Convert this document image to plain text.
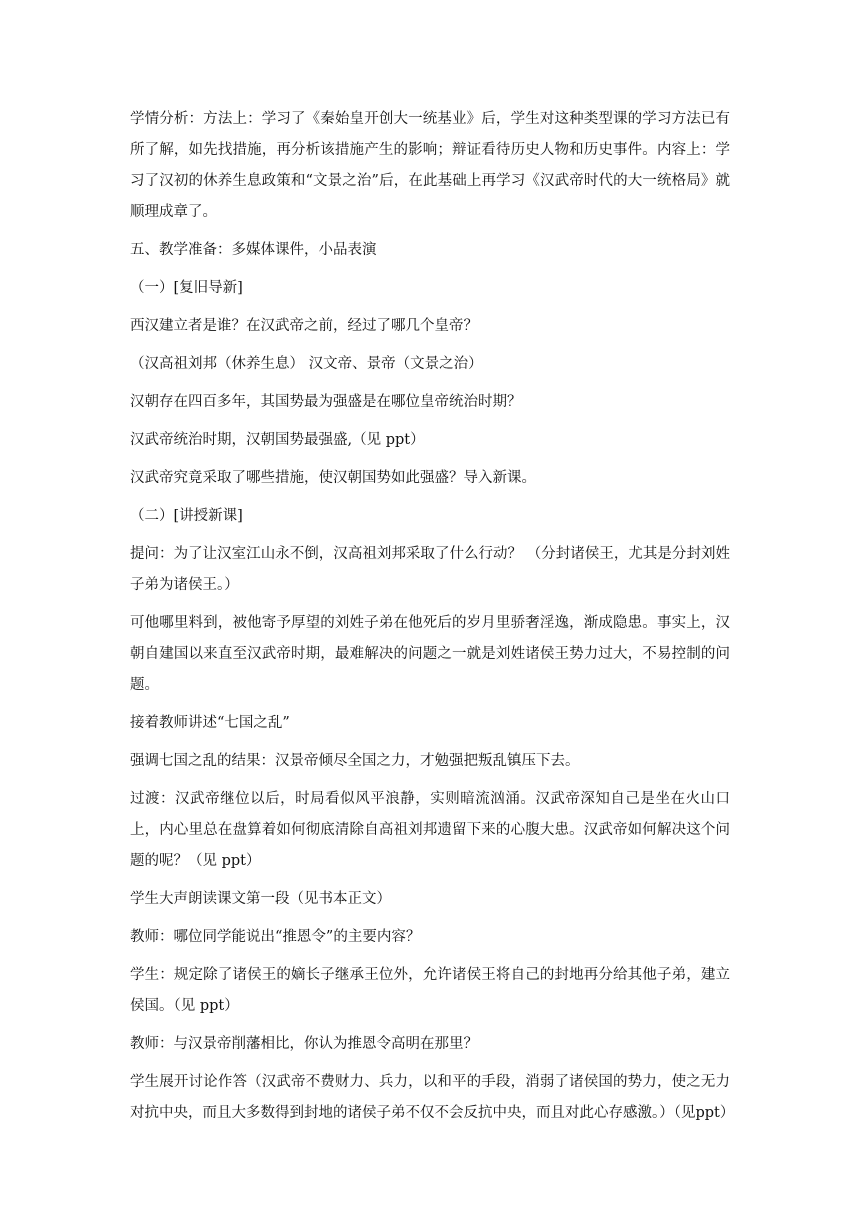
学情分析：方法上：学习了《秦始皇开创大一统基业》后，学生对这种类型课的学习方法已有所了解，如先找措施，再分析该措施产生的影响；辩证看待历史人物和历史事件。内容上：学习了汉初的休养生息政策和“文景之治”后，在此基础上再学习《汉武帝时代的大一统格局》就顺理成章了。

五、教学准备：多媒体课件，小品表演

（一）[复旧导新]

西汉建立者是谁？在汉武帝之前，经过了哪几个皇帝？

（汉高祖刘邦（休养生息） 汉文帝、景帝（文景之治）

汉朝存在四百多年，其国势最为强盛是在哪位皇帝统治时期？

汉武帝统治时期，汉朝国势最强盛,（见 ppt）

汉武帝究竟采取了哪些措施，使汉朝国势如此强盛？导入新课。

（二）[讲授新课]

提问：为了让汉室江山永不倒，汉高祖刘邦采取了什么行动？ （分封诸侯王，尤其是分封刘姓子弟为诸侯王。）

可他哪里料到，被他寄予厚望的刘姓子弟在他死后的岁月里骄奢淫逸，渐成隐患。事实上，汉朝自建国以来直至汉武帝时期，最难解决的问题之一就是刘姓诸侯王势力过大，不易控制的问题。

接着教师讲述“七国之乱”

强调七国之乱的结果：汉景帝倾尽全国之力，才勉强把叛乱镇压下去。

过渡：汉武帝继位以后，时局看似风平浪静，实则暗流汹涌。汉武帝深知自己是坐在火山口上，内心里总在盘算着如何彻底清除自高祖刘邦遗留下来的心腹大患。汉武帝如何解决这个问题的呢？（见 ppt）

学生大声朗读课文第一段（见书本正文）

教师：哪位同学能说出“推恩令”的主要内容？

学生：规定除了诸侯王的嫡长子继承王位外，允许诸侯王将自己的封地再分给其他子弟，建立侯国。（见 ppt）

教师：与汉景帝削藩相比，你认为推恩令高明在那里？

学生展开讨论作答（汉武帝不费财力、兵力，以和平的手段，消弱了诸侯国的势力，使之无力对抗中央，而且大多数得到封地的诸侯子弟不仅不会反抗中央，而且对此心存感激。）（见ppt）
